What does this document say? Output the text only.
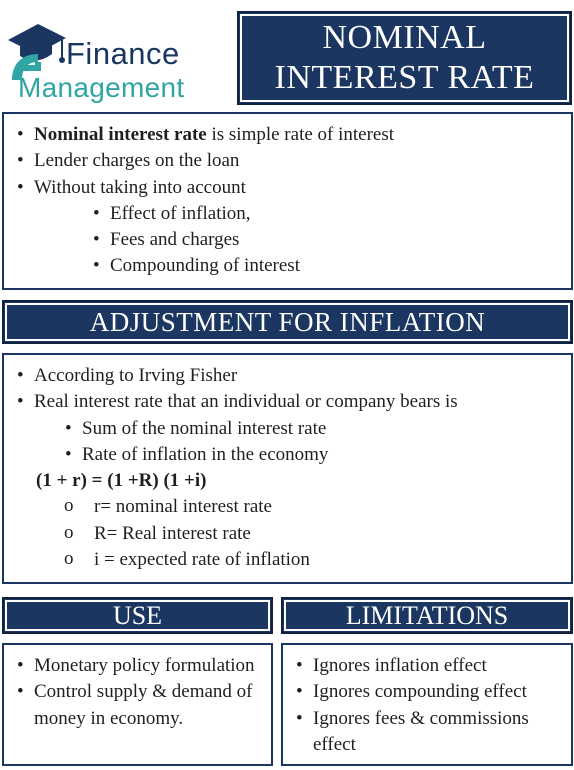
Finance
Management
NOMINAL
INTEREST RATE
• Nominal interest rate is simple rate of interest
• Lender charges on the loan
• Without taking into account
• Effect of inflation,
• Fees and charges
• Compounding of interest
ADJUSTMENT FOR INFLATION
• According to Irving Fisher
• Real interest rate that an individual or company bears is
• Sum of the nominal interest rate
• Rate of inflation in the economy
(1 + r) = (1 +R) (1 +i)
o r= nominal interest rate
o R= Real interest rate
o i = expected rate of inflation
USE
• Monetary policy formulation
• Control supply & demand of money in economy.
LIMITATIONS
• Ignores inflation effect
• Ignores compounding effect
• Ignores fees & commissions effect
